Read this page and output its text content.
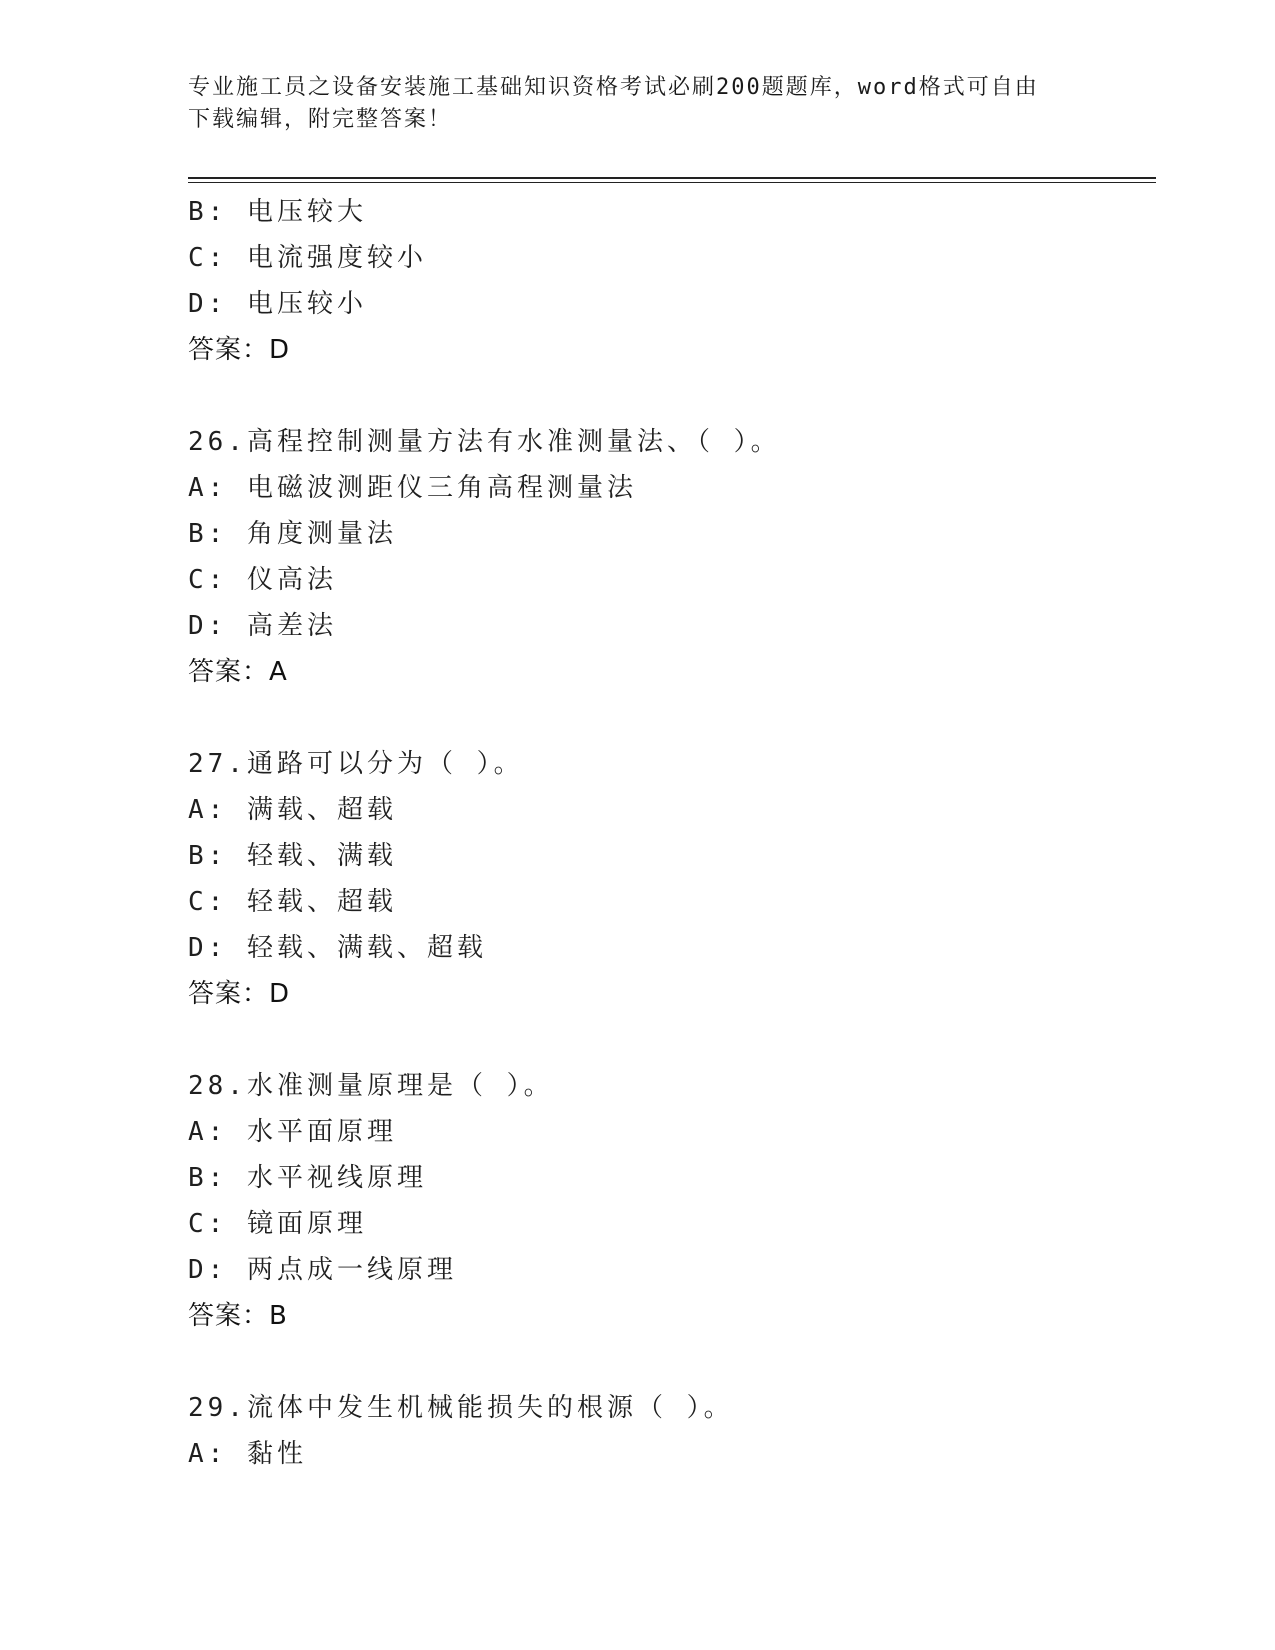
专业施工员之设备安装施工基础知识资格考试必刷200题题库，word格式可自由
下载编辑，附完整答案！
B: 电压较大
C: 电流强度较小
D: 电压较小
答案：D
26.高程控制测量方法有水准测量法、（ ）。
A: 电磁波测距仪三角高程测量法
B: 角度测量法
C: 仪高法
D: 高差法
答案：A
27.通路可以分为（ ）。
A: 满载、超载
B: 轻载、满载
C: 轻载、超载
D: 轻载、满载、超载
答案：D
28.水准测量原理是（ ）。
A: 水平面原理
B: 水平视线原理
C: 镜面原理
D: 两点成一线原理
答案：B
29.流体中发生机械能损失的根源（ ）。
A: 黏性
